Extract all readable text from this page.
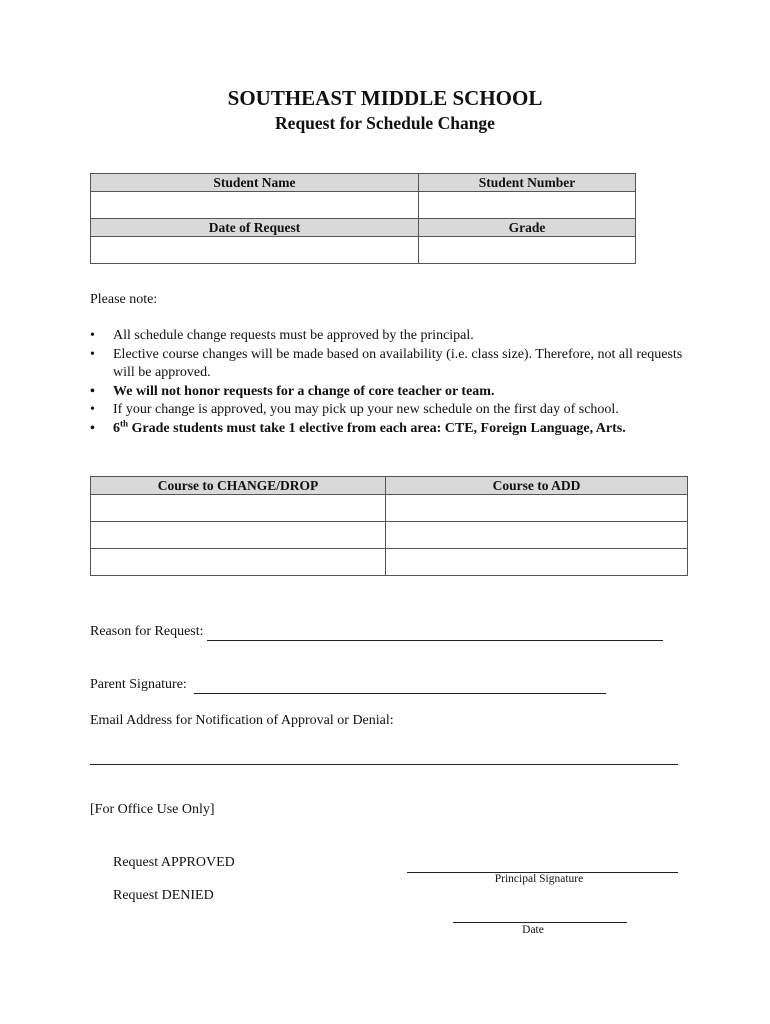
SOUTHEAST MIDDLE SCHOOL
Request for Schedule Change
Student Name	Student Number

Date of Request	Grade

Please note:

• All schedule change requests must be approved by the principal.
• Elective course changes will be made based on availability (i.e. class size). Therefore, not all requests will be approved.
• We will not honor requests for a change of core teacher or team.
• If your change is approved, you may pick up your new schedule on the first day of school.
• 6th Grade students must take 1 elective from each area: CTE, Foreign Language, Arts.
Course to CHANGE/DROP	Course to ADD

Reason for Request:
Parent Signature:
Email Address for Notification of Approval or Denial:
[For Office Use Only]
Request APPROVED
Request DENIED
Principal Signature
Date
